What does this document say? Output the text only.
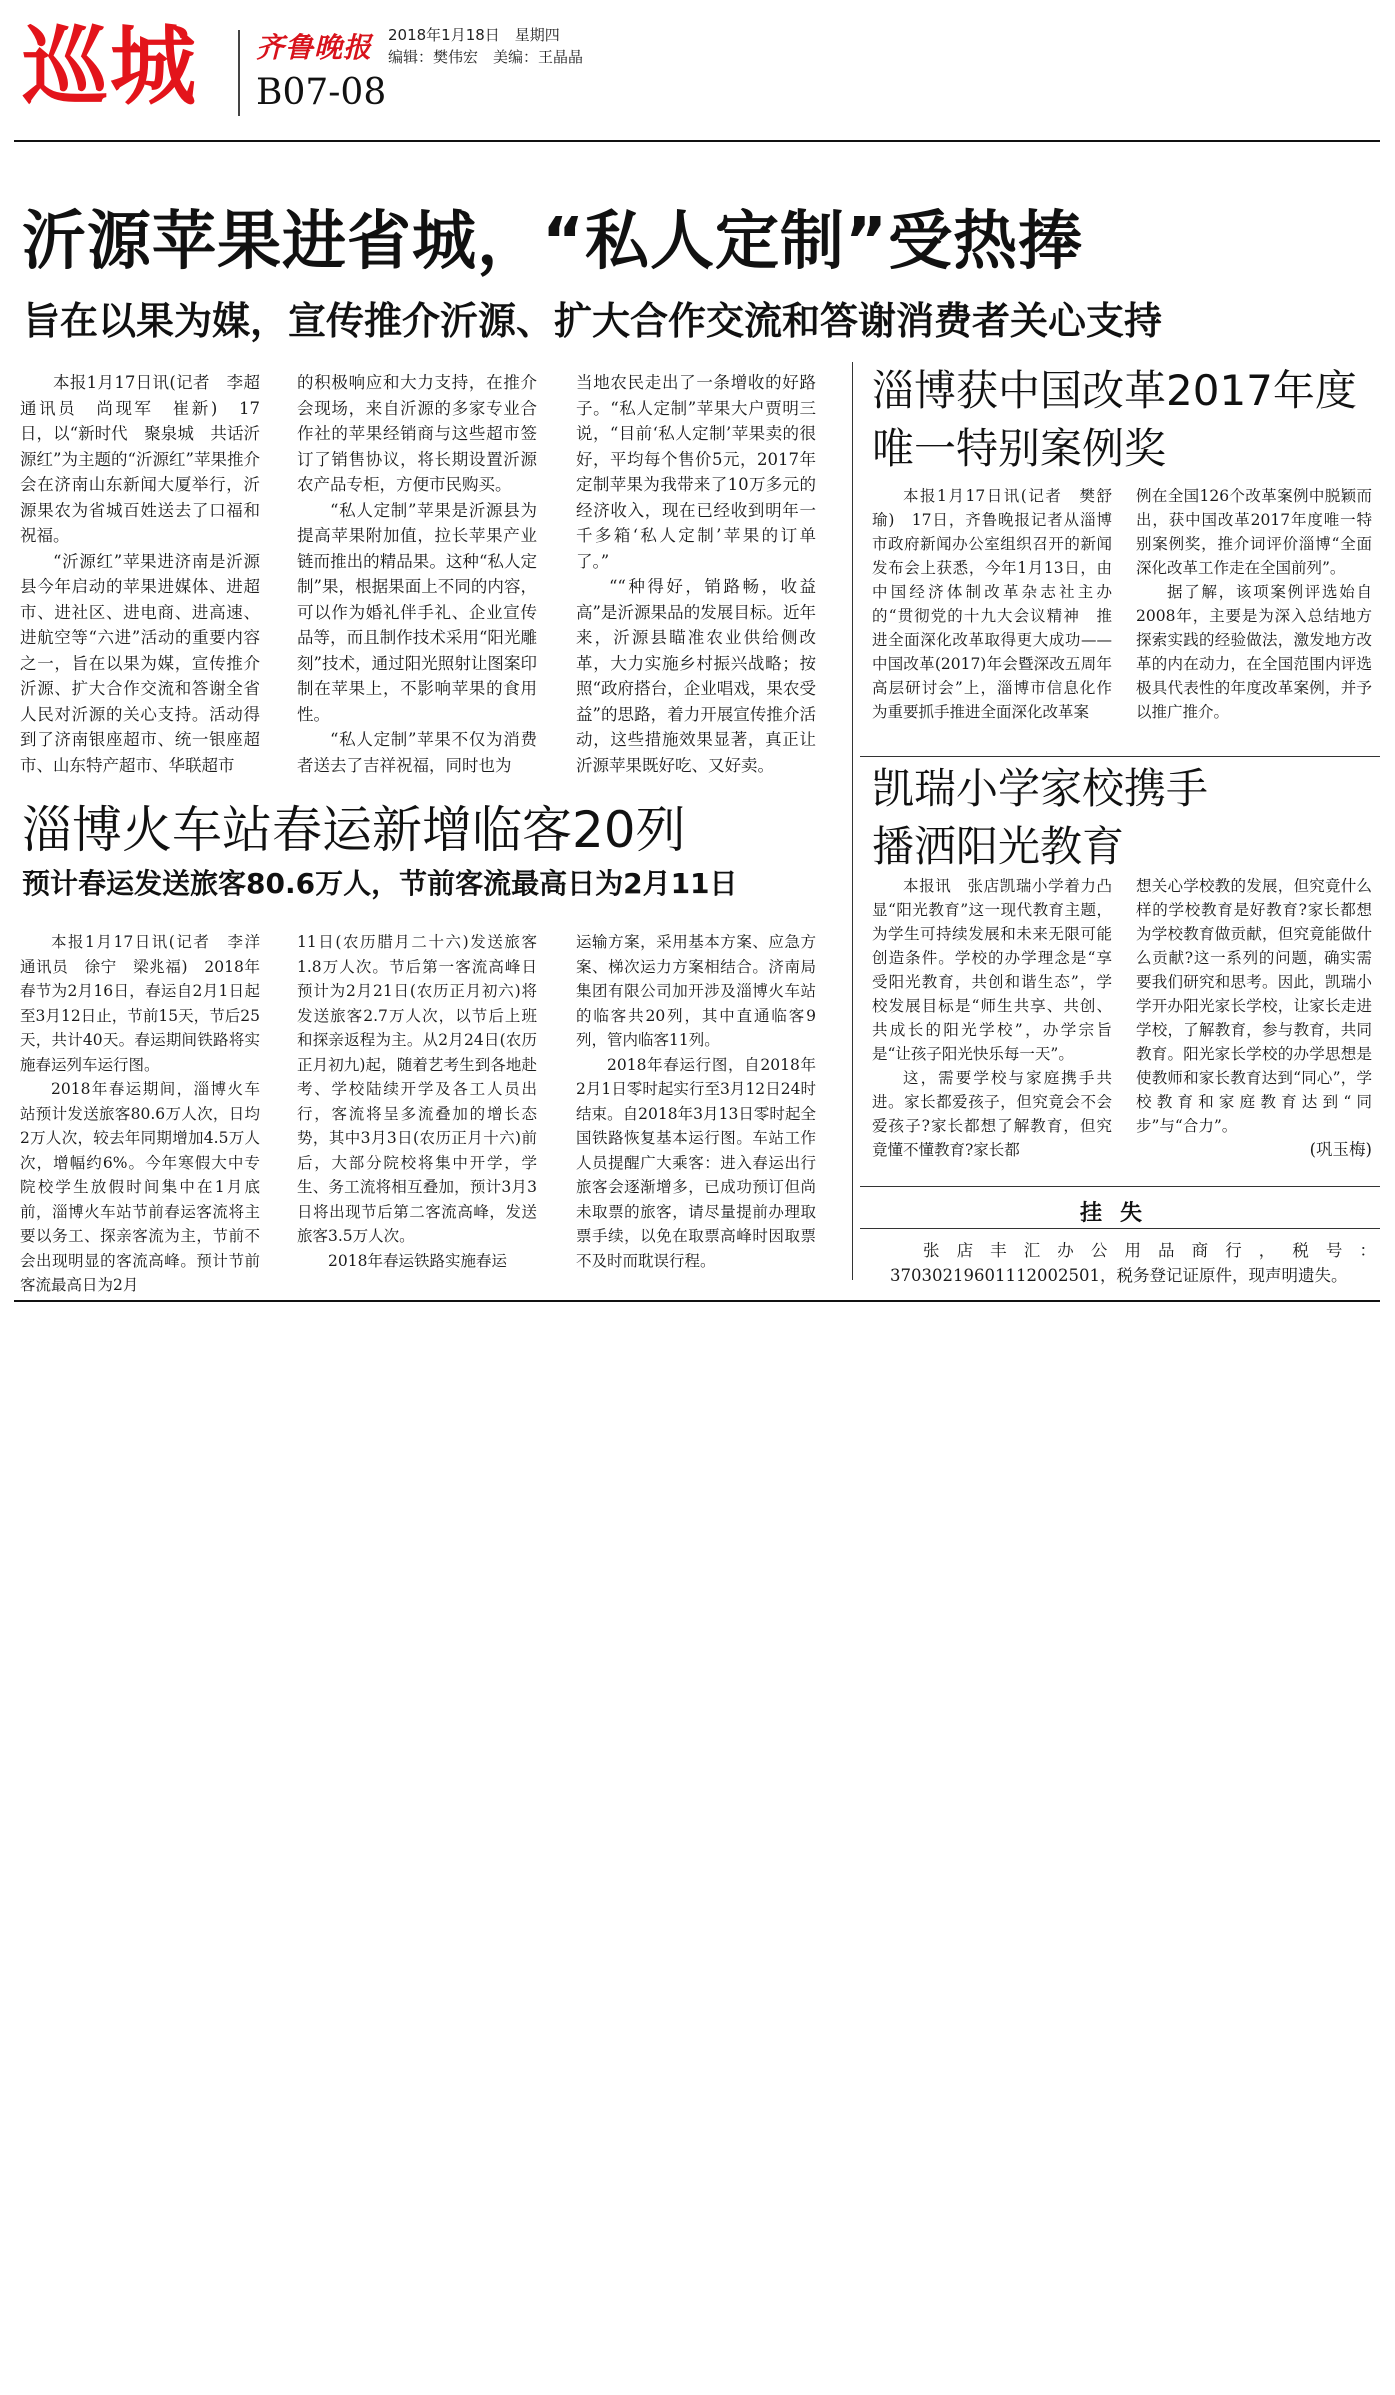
巡城 齐鲁晚报 2018年1月18日　星期四
编辑：樊伟宏　美编：王晶晶
B07-08
沂源苹果进省城，“私人定制”受热捧
旨在以果为媒，宣传推介沂源、扩大合作交流和答谢消费者关心支持

本报1月17日讯(记者　李超　通讯员　尚现军　崔新)　17日，以“新时代　聚泉城　共话沂源红”为主题的“沂源红”苹果推介会在济南山东新闻大厦举行，沂源果农为省城百姓送去了口福和祝福。

“沂源红”苹果进济南是沂源县今年启动的苹果进媒体、进超市、进社区、进电商、进高速、进航空等“六进”活动的重要内容之一，旨在以果为媒，宣传推介沂源、扩大合作交流和答谢全省人民对沂源的关心支持。活动得到了济南银座超市、统一银座超市、山东特产超市、华联超市

的积极响应和大力支持，在推介会现场，来自沂源的多家专业合作社的苹果经销商与这些超市签订了销售协议，将长期设置沂源农产品专柜，方便市民购买。

“私人定制”苹果是沂源县为提高苹果附加值，拉长苹果产业链而推出的精品果。这种“私人定制”果，根据果面上不同的内容，可以作为婚礼伴手礼、企业宣传品等，而且制作技术采用“阳光雕刻”技术，通过阳光照射让图案印制在苹果上，不影响苹果的食用性。

“私人定制”苹果不仅为消费者送去了吉祥祝福，同时也为

当地农民走出了一条增收的好路子。“私人定制”苹果大户贾明三说，“目前‘私人定制’苹果卖的很好，平均每个售价5元，2017年定制苹果为我带来了10万多元的经济收入，现在已经收到明年一千多箱‘私人定制’苹果的订单了。”

““种得好，销路畅，收益高”是沂源果品的发展目标。近年来，沂源县瞄准农业供给侧改革，大力实施乡村振兴战略；按照“政府搭台，企业唱戏，果农受益”的思路，着力开展宣传推介活动，这些措施效果显著，真正让沂源苹果既好吃、又好卖。

淄博获中国改革2017年度
唯一特别案例奖

本报1月17日讯(记者　樊舒瑜)　17日，齐鲁晚报记者从淄博市政府新闻办公室组织召开的新闻发布会上获悉，今年1月13日，由中国经济体制改革杂志社主办的“贯彻党的十九大会议精神　推进全面深化改革取得更大成功——中国改革(2017)年会暨深改五周年高层研讨会”上，淄博市信息化作为重要抓手推进全面深化改革案

例在全国126个改革案例中脱颖而出，获中国改革2017年度唯一特别案例奖，推介词评价淄博“全面深化改革工作走在全国前列”。

据了解，该项案例评选始自2008年，主要是为深入总结地方探索实践的经验做法，激发地方改革的内在动力，在全国范围内评选极具代表性的年度改革案例，并予以推广推介。

淄博火车站春运新增临客20列
预计春运发送旅客80.6万人，节前客流最高日为2月11日

本报1月17日讯(记者　李洋　通讯员　徐宁　梁兆福)　2018年春节为2月16日，春运自2月1日起至3月12日止，节前15天，节后25天，共计40天。春运期间铁路将实施春运列车运行图。

2018年春运期间，淄博火车站预计发送旅客80.6万人次，日均2万人次，较去年同期增加4.5万人次，增幅约6%。今年寒假大中专院校学生放假时间集中在1月底前，淄博火车站节前春运客流将主要以务工、探亲客流为主，节前不会出现明显的客流高峰。预计节前客流最高日为2月

11日(农历腊月二十六)发送旅客1.8万人次。节后第一客流高峰日预计为2月21日(农历正月初六)将发送旅客2.7万人次，以节后上班和探亲返程为主。从2月24日(农历正月初九)起，随着艺考生到各地赴考、学校陆续开学及各工人员出行，客流将呈多流叠加的增长态势，其中3月3日(农历正月十六)前后，大部分院校将集中开学，学生、务工流将相互叠加，预计3月3日将出现节后第二客流高峰，发送旅客3.5万人次。

2018年春运铁路实施春运

运输方案，采用基本方案、应急方案、梯次运力方案相结合。济南局集团有限公司加开涉及淄博火车站的临客共20列，其中直通临客9列，管内临客11列。

2018年春运行图，自2018年2月1日零时起实行至3月12日24时结束。自2018年3月13日零时起全国铁路恢复基本运行图。车站工作人员提醒广大乘客：进入春运出行旅客会逐渐增多，已成功预订但尚未取票的旅客，请尽量提前办理取票手续，以免在取票高峰时因取票不及时而耽误行程。

凯瑞小学家校携手
播洒阳光教育

本报讯　张店凯瑞小学着力凸显“阳光教育”这一现代教育主题，为学生可持续发展和未来无限可能创造条件。学校的办学理念是“享受阳光教育，共创和谐生态”，学校发展目标是“师生共享、共创、共成长的阳光学校”，办学宗旨是“让孩子阳光快乐每一天”。

这，需要学校与家庭携手共进。家长都爱孩子，但究竟会不会爱孩子?家长都想了解教育，但究竟懂不懂教育?家长都

想关心学校教的发展，但究竟什么样的学校教育是好教育?家长都想为学校教育做贡献，但究竟能做什么贡献?这一系列的问题，确实需要我们研究和思考。因此，凯瑞小学开办阳光家长学校，让家长走进学校，了解教育，参与教育，共同教育。阳光家长学校的办学思想是使教师和家长教育达到“同心”，学校教育和家庭教育达到“同步”与“合力”。

(巩玉梅)
挂失

张店丰汇办公用品商行，税号：37030219601112002501，税务登记证原件，现声明遗失。
